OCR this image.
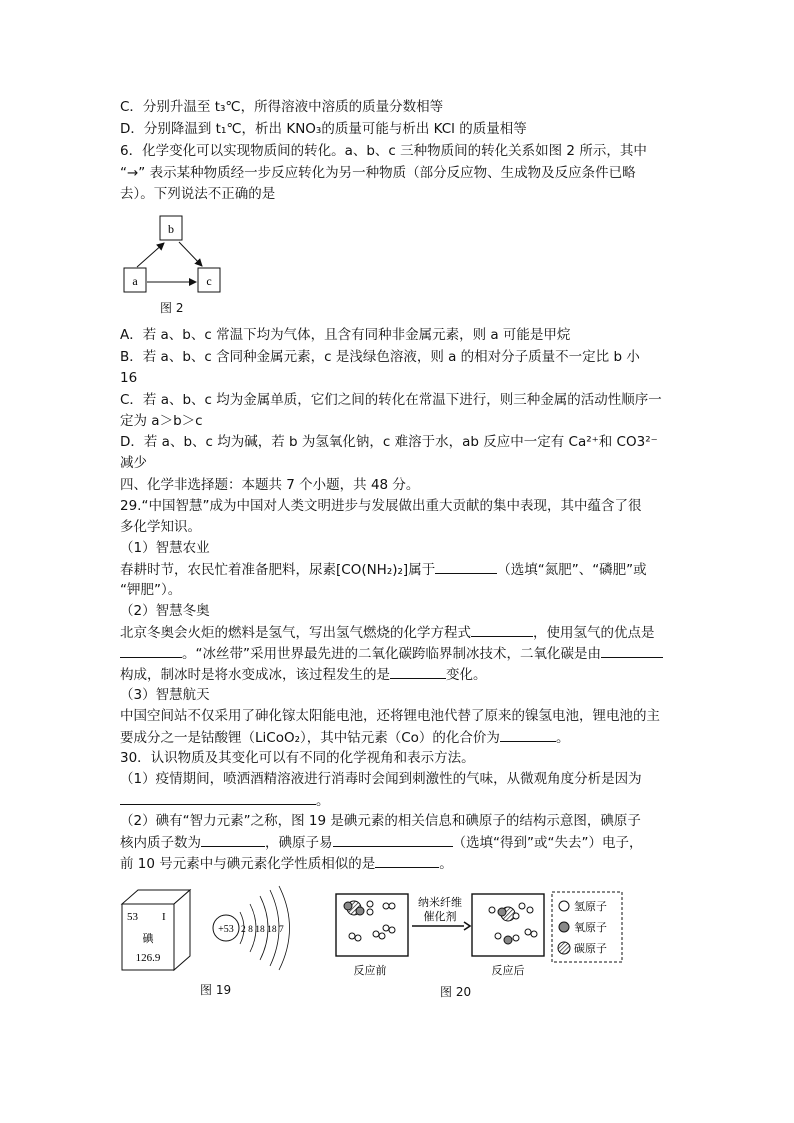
C．分别升温至 t₃℃，所得溶液中溶质的质量分数相等
D．分别降温到 t₁℃，析出 KNO₃的质量可能与析出 KCl 的质量相等
6．化学变化可以实现物质间的转化。a、b、c 三种物质间的转化关系如图 2 所示，其中
“→” 表示某种物质经一步反应转化为另一种物质（部分反应物、生成物及反应条件已略
去）。下列说法不正确的是
b
a	c
图 2
A．若 a、b、c 常温下均为气体，且含有同种非金属元素，则 a 可能是甲烷
B．若 a、b、c 含同种金属元素，c 是浅绿色溶液，则 a 的相对分子质量不一定比 b 小
16
C．若 a、b、c 均为金属单质，它们之间的转化在常温下进行，则三种金属的活动性顺序一
定为 a＞b＞c
D．若 a、b、c 均为碱，若 b 为氢氧化钠，c 难溶于水，ab 反应中一定有 Ca²⁺和 CO3²⁻
减少
四、化学非选择题：本题共 7 个小题，共 48 分。
29.“中国智慧”成为中国对人类文明进步与发展做出重大贡献的集中表现，其中蕴含了很
多化学知识。
（1）智慧农业
春耕时节，农民忙着准备肥料，尿素[CO(NH₂)₂]属于	（选填“氮肥”、“磷肥”或
“钾肥”）。
（2）智慧冬奥
北京冬奥会火炬的燃料是氢气，写出氢气燃烧的化学方程式	，使用氢气的优点是
。“冰丝带”采用世界最先进的二氧化碳跨临界制冰技术，二氧化碳是由
构成，制冰时是将水变成冰，该过程发生的是	变化。
（3）智慧航天
中国空间站不仅采用了砷化镓太阳能电池，还将锂电池代替了原来的镍氢电池，锂电池的主
要成分之一是钴酸锂（LiCoO₂），其中钴元素（Co）的化合价为	。
30．认识物质及其变化可以有不同的化学视角和表示方法。
（1）疫情期间，喷洒酒精溶液进行消毒时会闻到刺激性的气味，从微观角度分析是因为
。
（2）碘有“智力元素”之称，图 19 是碘元素的相关信息和碘原子的结构示意图，碘原子
核内质子数为	，碘原子易	（选填“得到”或“失去”）电子，
前 10 号元素中与碘元素化学性质相似的是	。
53 I
碘
126.9
+53 2 8 18 18 7
图 19
纳米纤维
催化剂
氢原子
氧原子
碳原子
反应前	反应后
图 20
